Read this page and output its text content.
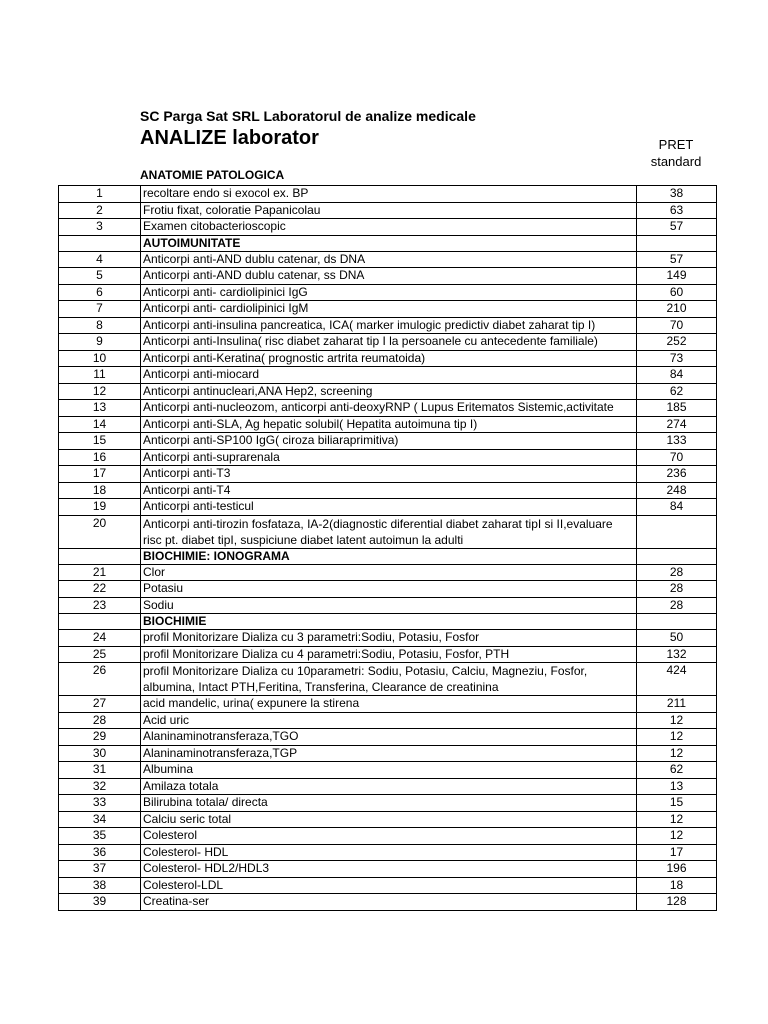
SC Parga Sat SRL Laboratorul de analize medicale
ANALIZE laborator	PRET
standard
ANATOMIE PATOLOGICA
1	recoltare endo si exocol ex. BP	38
2	Frotiu fixat, coloratie Papanicolau	63
3	Examen citobacterioscopic	57
	AUTOIMUNITATE	
4	Anticorpi anti-AND dublu catenar, ds DNA	57
5	Anticorpi anti-AND dublu catenar, ss DNA	149
6	Anticorpi anti- cardiolipinici IgG	60
7	Anticorpi anti- cardiolipinici IgM	210
8	Anticorpi anti-insulina pancreatica, ICA( marker imulogic predictiv diabet zaharat tip I)	70
9	Anticorpi anti-Insulina( risc diabet zaharat tip I la persoanele cu antecedente familiale)	252
10	Anticorpi anti-Keratina( prognostic artrita reumatoida)	73
11	Anticorpi anti-miocard	84
12	Anticorpi antinucleari,ANA Hep2, screening	62
13	Anticorpi anti-nucleozom, anticorpi anti-deoxyRNP ( Lupus Eritematos Sistemic,activitate	185
14	Anticorpi anti-SLA, Ag hepatic solubil( Hepatita autoimuna tip I)	274
15	Anticorpi anti-SP100 IgG( ciroza biliaraprimitiva)	133
16	Anticorpi anti-suprarenala	70
17	Anticorpi anti-T3	236
18	Anticorpi anti-T4	248
19	Anticorpi anti-testicul	84
20	Anticorpi anti-tirozin fosfataza, IA-2(diagnostic diferential diabet zaharat tipI si II,evaluare risc pt. diabet tipI, suspiciune diabet latent autoimun la adulti	
	BIOCHIMIE: IONOGRAMA	
21	Clor	28
22	Potasiu	28
23	Sodiu	28
	BIOCHIMIE	
24	profil Monitorizare Dializa cu 3 parametri:Sodiu, Potasiu, Fosfor	50
25	profil Monitorizare Dializa cu 4 parametri:Sodiu, Potasiu, Fosfor, PTH	132
26	profil Monitorizare Dializa cu 10parametri: Sodiu, Potasiu, Calciu, Magneziu, Fosfor, albumina, Intact PTH,Feritina, Transferina, Clearance de creatinina	424
27	acid mandelic, urina( expunere la stirena	211
28	Acid uric	12
29	Alaninaminotransferaza,TGO	12
30	Alaninaminotransferaza,TGP	12
31	Albumina	62
32	Amilaza totala	13
33	Bilirubina totala/ directa	15
34	Calciu seric total	12
35	Colesterol	12
36	Colesterol- HDL	17
37	Colesterol- HDL2/HDL3	196
38	Colesterol-LDL	18
39	Creatina-ser	128
